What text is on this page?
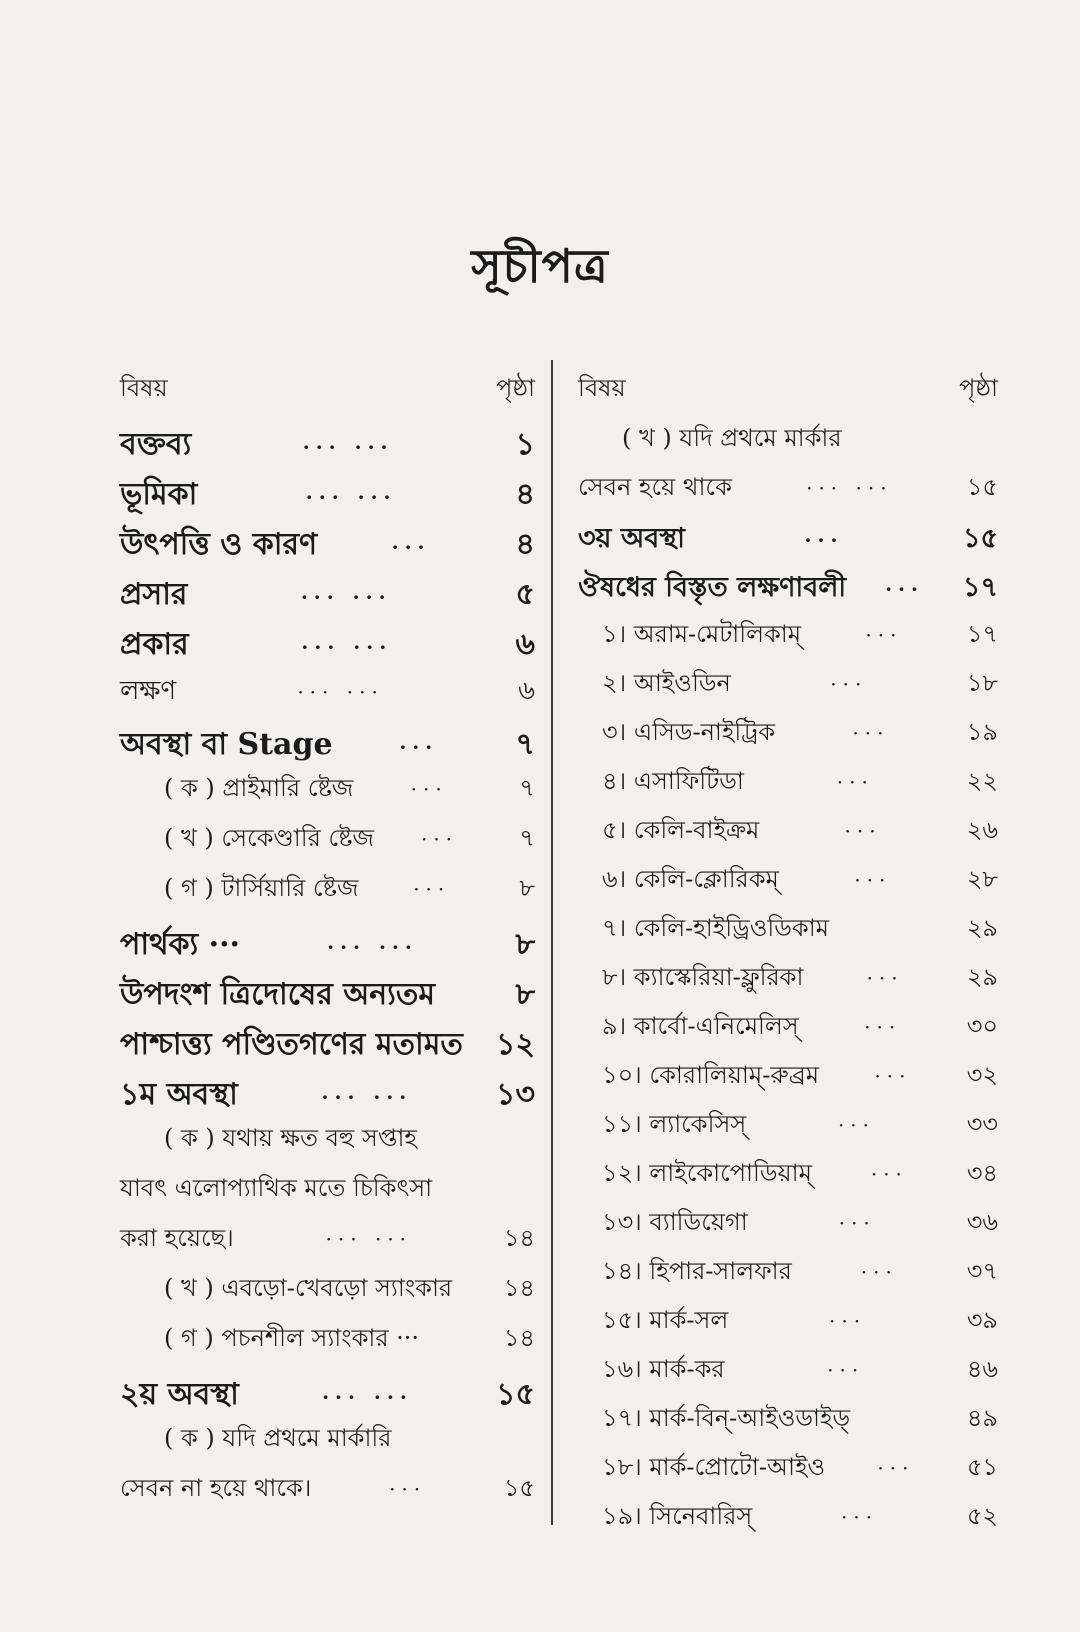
সূচীপত্র
বিষয়	পৃষ্ঠা
বক্তব্য	··· ···	১
ভূমিকা	··· ···	৪
উৎপত্তি ও কারণ	···	৪
প্রসার	··· ···	৫
প্রকার	··· ···	৬
লক্ষণ	··· ···	৬
অবস্থা বা Stage	···	৭
( ক ) প্রাইমারি ষ্টেজ	···	৭
( খ ) সেকেণ্ডারি ষ্টেজ	···	৭
( গ ) টার্সিয়ারি ষ্টেজ	···	৮
পার্থক্য ···	··· ···	৮
উপদংশ ত্রিদোষের অন্যতম	৮
পাশ্চাত্ত্য পণ্ডিতগণের মতামত ১২
১ম অবস্থা	··· ···	১৩
( ক ) যথায় ক্ষত বহু সপ্তাহ
যাবৎ এলোপ্যাথিক মতে চিকিৎসা
করা হয়েছে।	··· ···	১৪
( খ ) এবড়ো-খেবড়ো স্যাংকার ১৪
( গ ) পচনশীল স্যাংকার ···	১৪
২য় অবস্থা	··· ···	১৫
( ক ) যদি প্রথমে মার্কারি
সেবন না হয়ে থাকে।	···	১৫
বিষয়	পৃষ্ঠা
( খ ) যদি প্রথমে মার্কার
সেবন হয়ে থাকে	··· ···	১৫
৩য় অবস্থা	···	১৫
ঔষধের বিস্তৃত লক্ষণাবলী	···	১৭
১। অরাম-মেটালিকাম্	···	১৭
২। আইওডিন	···	১৮
৩। এসিড-নাইট্রিক	···	১৯
৪। এসাফিটিডা	···	২২
৫। কেলি-বাইক্রম	···	২৬
৬। কেলি-ক্লোরিকম্	···	২৮
৭। কেলি-হাইড্রিওডিকাম	২৯
৮। ক্যাস্কেরিয়া-ফ্লুরিকা	···	২৯
৯। কার্বো-এনিমেলিস্	···	৩০
১০। কোরালিয়াম্-রুব্রম	···	৩২
১১। ল্যাকেসিস্	···	৩৩
১২। লাইকোপোডিয়াম্	···	৩৪
১৩। ব্যাডিয়েগা	···	৩৬
১৪। হিপার-সালফার	···	৩৭
১৫। মার্ক-সল	···	৩৯
১৬। মার্ক-কর	···	৪৬
১৭। মার্ক-বিন্-আইওডাইড্	৪৯
১৮। মার্ক-প্রোটো-আইও	···	৫১
১৯। সিনেবারিস্	···	৫২
